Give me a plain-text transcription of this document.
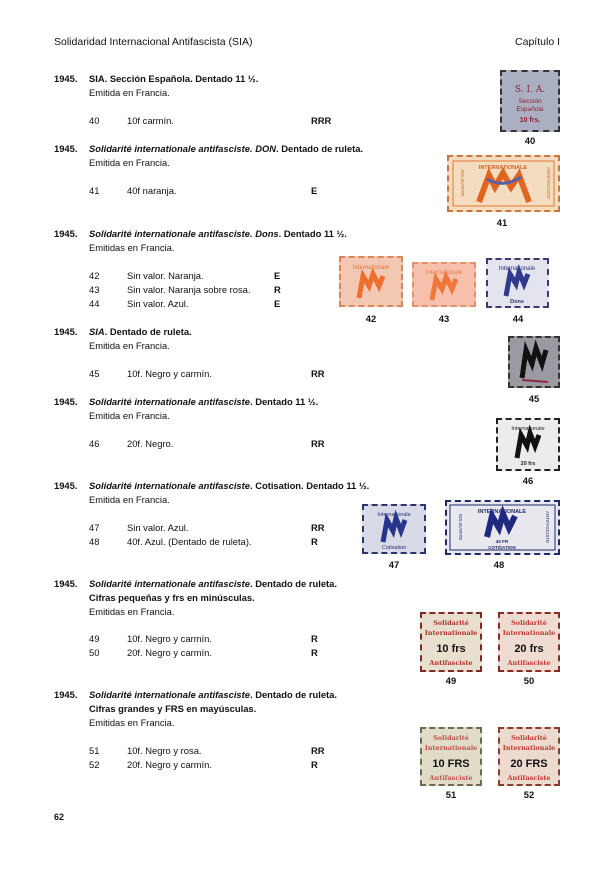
Solidaridad Internacional Antifascista (SIA)	Capítulo I
1945. SIA. Sección Española. Dentado 11 ½.
Emitida en Francia.
40	10f carmín.	RRR
1945. Solidarité internationale antifasciste. DON. Dentado de ruleta.
Emitida en Francia.
41	40f naranja.	E
1945. Solidarité internationale antifasciste. Dons. Dentado 11 ½.
Emitidas en Francia.
42	Sin valor. Naranja.	E
43	Sin valor. Naranja sobre rosa.	R
44	Sin valor. Azul.	E
1945. SIA. Dentado de ruleta.
Emitida en Francia.
45	10f. Negro y carmín.	RR
1945. Solidarité internationale antifasciste. Dentado 11 ½.
Emitida en Francia.
46	20f. Negro.	RR
1945. Solidarité internationale antifasciste. Cotisation. Dentado 11 ½.
Emitida en Francia.
47	Sin valor. Azul.	RR
48	40f. Azul. (Dentado de ruleta).	R
1945. Solidarité internationale antifasciste. Dentado de ruleta.
Cifras pequeñas y frs en minúsculas.
Emitidas en Francia.
49	10f. Negro y carmín.	R
50	20f. Negro y carmín.	R
1945. Solidarité internationale antifasciste. Dentado de ruleta.
Cifras grandes y FRS en mayúsculas.
Emitidas en Francia.
51	10f. Negro y rosa.	RR
52	20f. Negro y carmín.	R
S. I. A.
Sección
Española
10 frs.
40
INTERNATIONALE
SOLIDARITE	ANTIFASCISTE
41
Internationale
42
Internationale
43
Internationale
Dons
44
45
Internationale
20 frs
46
Internationale
Cotisation
47
INTERNATIONALE
SOLIDARITE	ANTIFASCISTE
40 FR
COTISATION
48
Solidarité
Internationale
10 frs
Antifasciste
49
Solidarité
Internationale
20 frs
Antifasciste
50
Solidarité
Internationale
10 FRS
Antifasciste
51
Solidarité
Internationale
20 FRS
Antifasciste
52
62
